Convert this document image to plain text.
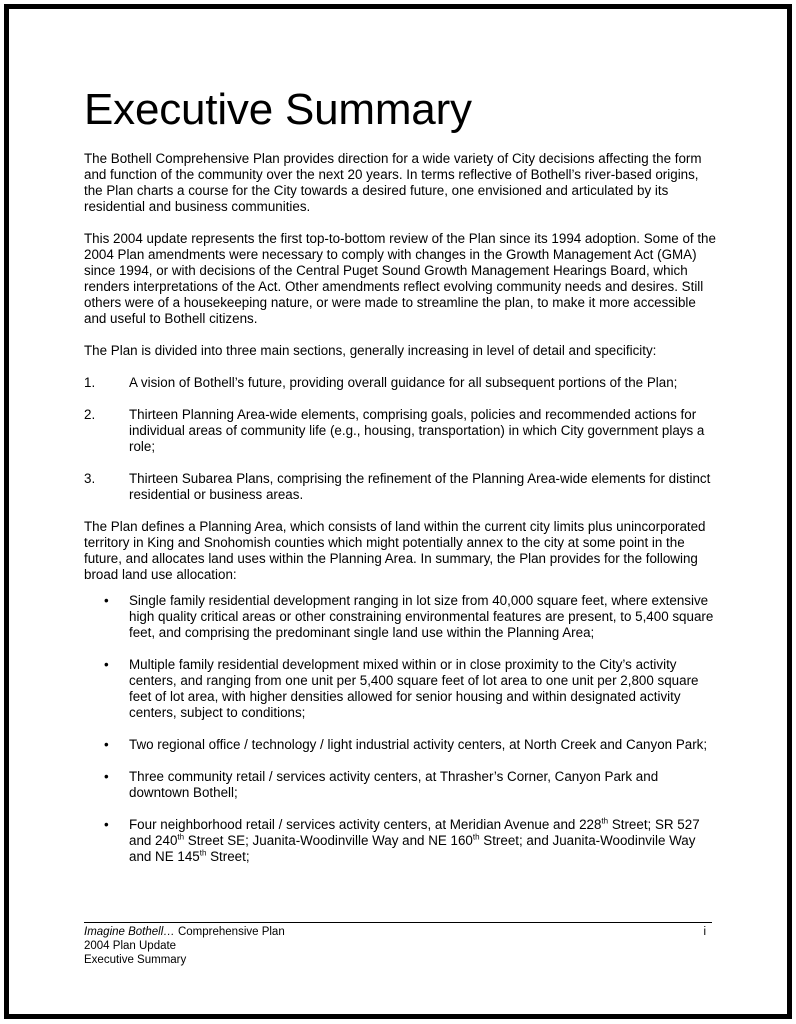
Executive Summary

The Bothell Comprehensive Plan provides direction for a wide variety of City decisions affecting the form and function of the community over the next 20 years. In terms reflective of Bothell’s river-based origins, the Plan charts a course for the City towards a desired future, one envisioned and articulated by its residential and business communities.

This 2004 update represents the first top-to-bottom review of the Plan since its 1994 adoption. Some of the 2004 Plan amendments were necessary to comply with changes in the Growth Management Act (GMA) since 1994, or with decisions of the Central Puget Sound Growth Management Hearings Board, which renders interpretations of the Act. Other amendments reflect evolving community needs and desires. Still others were of a housekeeping nature, or were made to streamline the plan, to make it more accessible and useful to Bothell citizens.

The Plan is divided into three main sections, generally increasing in level of detail and specificity:

1.	A vision of Bothell’s future, providing overall guidance for all subsequent portions of the Plan;
2.	Thirteen Planning Area-wide elements, comprising goals, policies and recommended actions for individual areas of community life (e.g., housing, transportation) in which City government plays a role;
3.	Thirteen Subarea Plans, comprising the refinement of the Planning Area-wide elements for distinct residential or business areas.

The Plan defines a Planning Area, which consists of land within the current city limits plus unincorporated territory in King and Snohomish counties which might potentially annex to the city at some point in the future, and allocates land uses within the Planning Area. In summary, the Plan provides for the following broad land use allocation:

• Single family residential development ranging in lot size from 40,000 square feet, where extensive high quality critical areas or other constraining environmental features are present, to 5,400 square feet, and comprising the predominant single land use within the Planning Area;
• Multiple family residential development mixed within or in close proximity to the City’s activity centers, and ranging from one unit per 5,400 square feet of lot area to one unit per 2,800 square feet of lot area, with higher densities allowed for senior housing and within designated activity centers, subject to conditions;
• Two regional office / technology / light industrial activity centers, at North Creek and Canyon Park;
• Three community retail / services activity centers, at Thrasher’s Corner, Canyon Park and downtown Bothell;
• Four neighborhood retail / services activity centers, at Meridian Avenue and 228th Street; SR 527 and 240th Street SE; Juanita-Woodinville Way and NE 160th Street; and Juanita-Woodinvile Way and NE 145th Street;
Imagine Bothell… Comprehensive Plan
2004 Plan Update
Executive Summary
i
